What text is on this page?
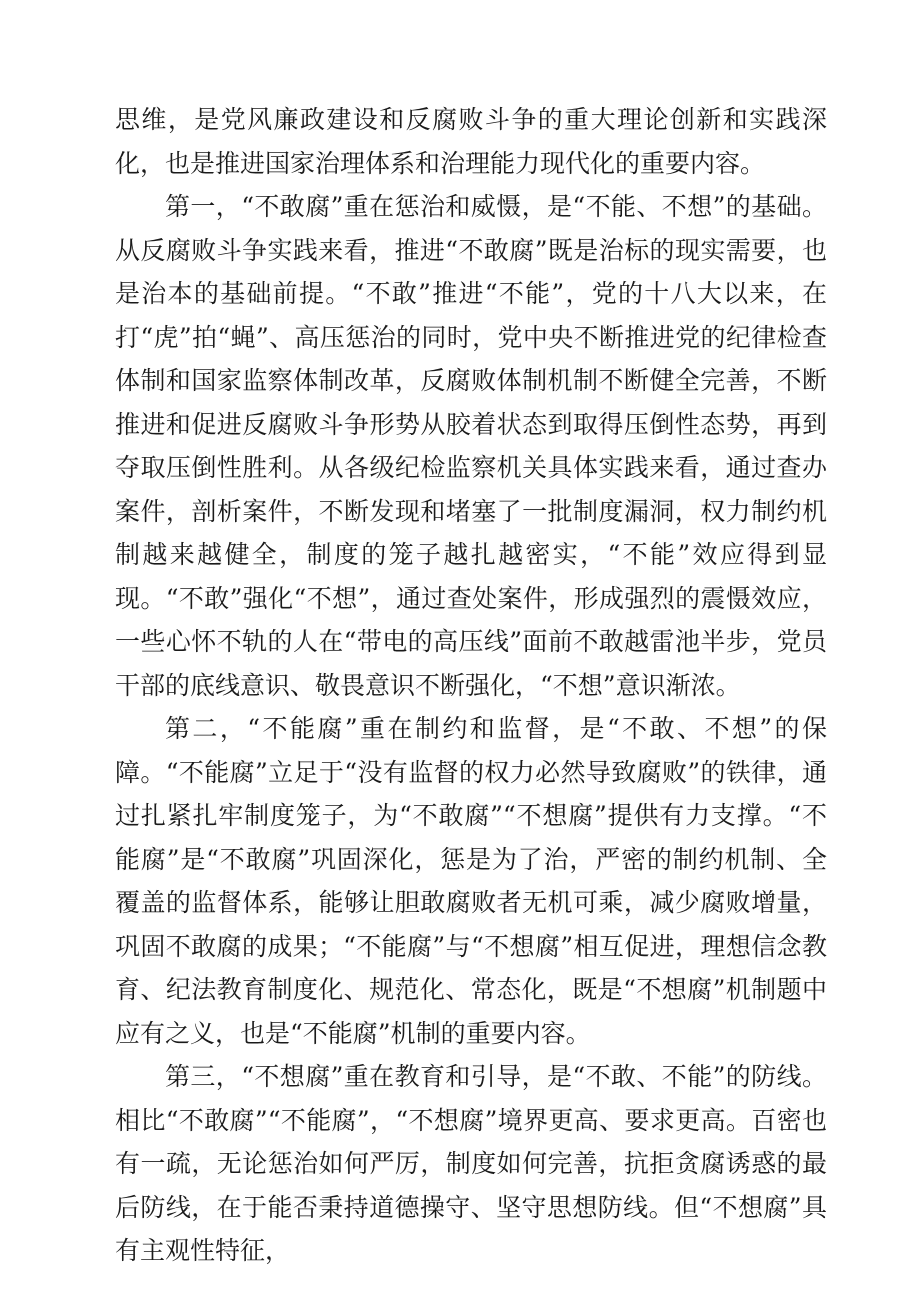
思维，是党风廉政建设和反腐败斗争的重大理论创新和实践深化，也是推进国家治理体系和治理能力现代化的重要内容。

第一，“不敢腐”重在惩治和威慑，是“不能、不想”的基础。从反腐败斗争实践来看，推进“不敢腐”既是治标的现实需要，也是治本的基础前提。“不敢”推进“不能”，党的十八大以来，在打“虎”拍“蝇”、高压惩治的同时，党中央不断推进党的纪律检查体制和国家监察体制改革，反腐败体制机制不断健全完善，不断推进和促进反腐败斗争形势从胶着状态到取得压倒性态势，再到夺取压倒性胜利。从各级纪检监察机关具体实践来看，通过查办案件，剖析案件，不断发现和堵塞了一批制度漏洞，权力制约机制越来越健全，制度的笼子越扎越密实，“不能”效应得到显现。“不敢”强化“不想”，通过查处案件，形成强烈的震慑效应，一些心怀不轨的人在“带电的高压线”面前不敢越雷池半步，党员干部的底线意识、敬畏意识不断强化，“不想”意识渐浓。

第二，“不能腐”重在制约和监督，是“不敢、不想”的保障。“不能腐”立足于“没有监督的权力必然导致腐败”的铁律，通过扎紧扎牢制度笼子，为“不敢腐”“不想腐”提供有力支撑。“不能腐”是“不敢腐”巩固深化，惩是为了治，严密的制约机制、全覆盖的监督体系，能够让胆敢腐败者无机可乘，减少腐败增量，巩固不敢腐的成果；“不能腐”与“不想腐”相互促进，理想信念教育、纪法教育制度化、规范化、常态化，既是“不想腐”机制题中应有之义，也是“不能腐”机制的重要内容。

第三，“不想腐”重在教育和引导，是“不敢、不能”的防线。相比“不敢腐”“不能腐”，“不想腐”境界更高、要求更高。百密也有一疏，无论惩治如何严厉，制度如何完善，抗拒贪腐诱惑的最后防线，在于能否秉持道德操守、坚守思想防线。但“不想腐”具有主观性特征，
